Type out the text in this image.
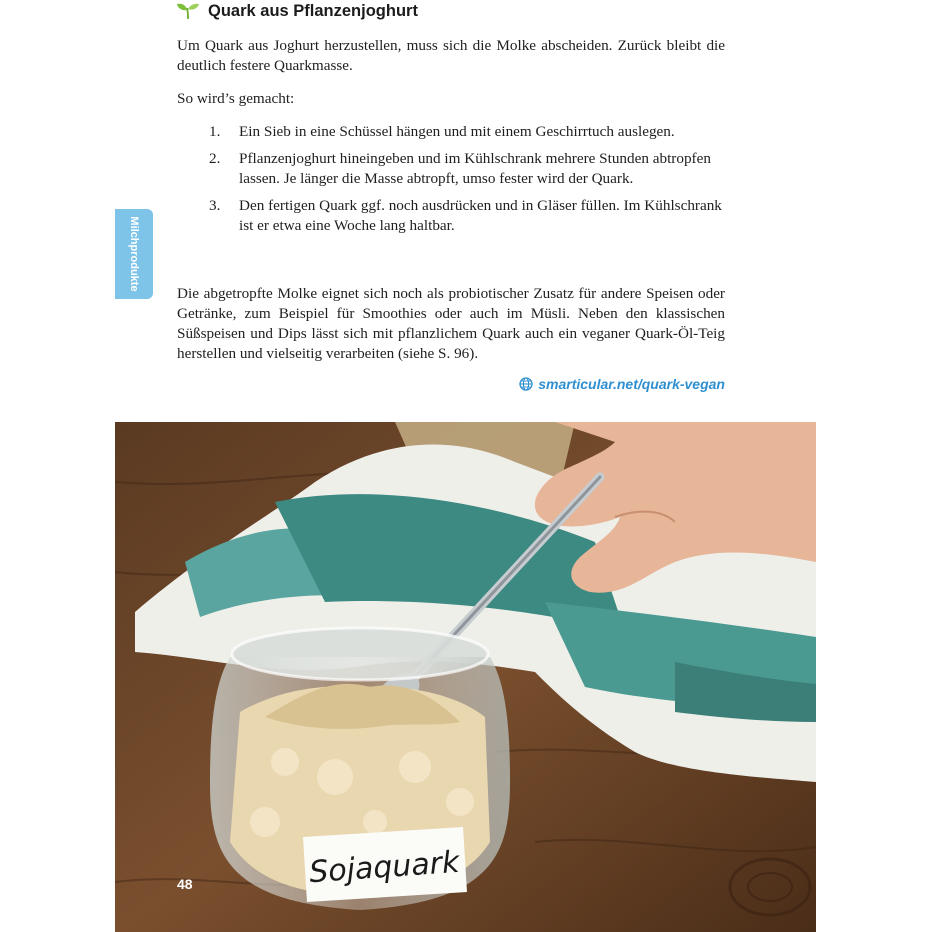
Quark aus Pflanzenjoghurt

Um Quark aus Joghurt herzustellen, muss sich die Molke abscheiden. Zurück bleibt die deutlich festere Quarkmasse.

So wird’s gemacht:

1. Ein Sieb in eine Schüssel hängen und mit einem Geschirrtuch auslegen.
2. Pflanzenjoghurt hineingeben und im Kühlschrank mehrere Stunden abtropfen lassen. Je länger die Masse abtropft, umso fester wird der Quark.
3. Den fertigen Quark ggf. noch ausdrücken und in Gläser füllen. Im Kühlschrank ist er etwa eine Woche lang haltbar.

Die abgetropfte Molke eignet sich noch als probiotischer Zusatz für andere Speisen oder Getränke, zum Beispiel für Smoothies oder auch im Müsli. Neben den klassischen Süßspeisen und Dips lässt sich mit pflanzlichem Quark auch ein veganer Quark-Öl-Teig herstellen und vielseitig verarbeiten (siehe S. 96).

smarticular.net/quark-vegan
Milchprodukte
Sojaquark
48
